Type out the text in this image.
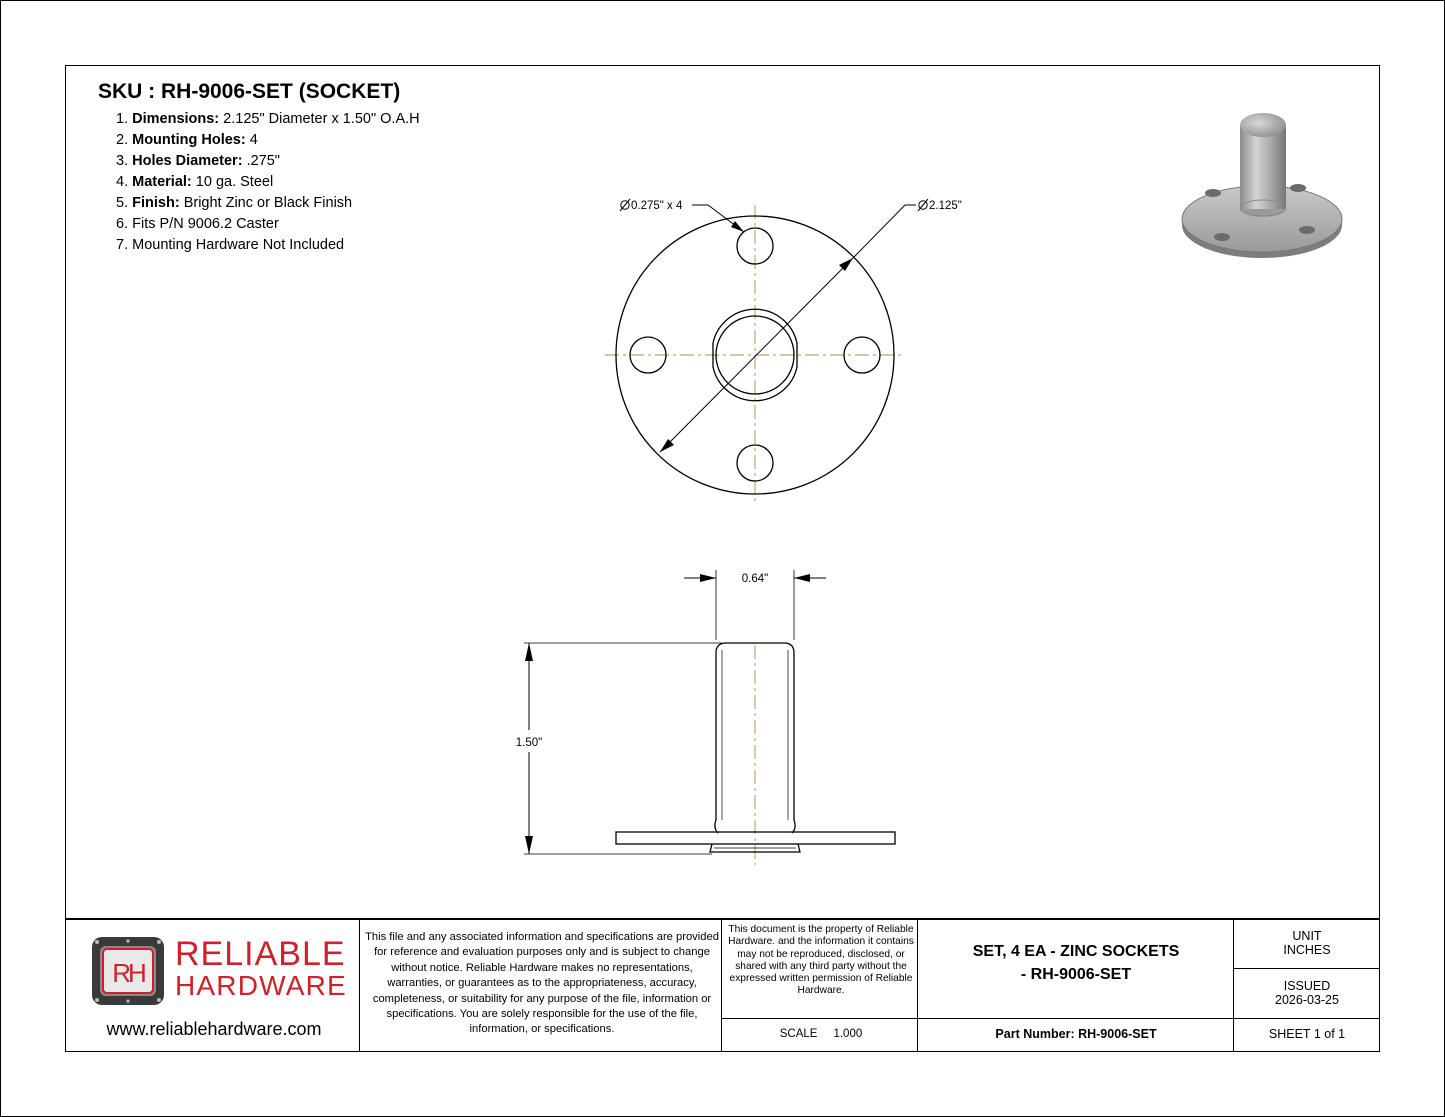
SKU : RH-9006-SET (SOCKET)
1. Dimensions: 2.125" Diameter x 1.50" O.A.H
2. Mounting Holes: 4
3. Holes Diameter: .275"
4. Material: 10 ga. Steel
5. Finish: Bright Zinc or Black Finish
6. Fits P/N 9006.2 Caster
7. Mounting Hardware Not Included
0.275" x 4	2.125"
0.64"
1.50"
RH RELIABLE
HARDWARE
www.reliablehardware.com
This file and any associated information and specifications are provided for reference and evaluation purposes only and is subject to change without notice. Reliable Hardware makes no representations, warranties, or guarantees as to the appropriateness, accuracy, completeness, or suitability for any purpose of the file, information or specifications. You are solely responsible for the use of the file, information, or specifications.
This document is the property of Reliable Hardware. and the information it contains may not be reproduced, disclosed, or shared with any third party without the expressed written permission of Reliable Hardware.
SET, 4 EA - ZINC SOCKETS
- RH-9006-SET
UNIT
INCHES
ISSUED
2026-03-25
SCALE 1.000	Part Number: RH-9006-SET	SHEET 1 of 1
